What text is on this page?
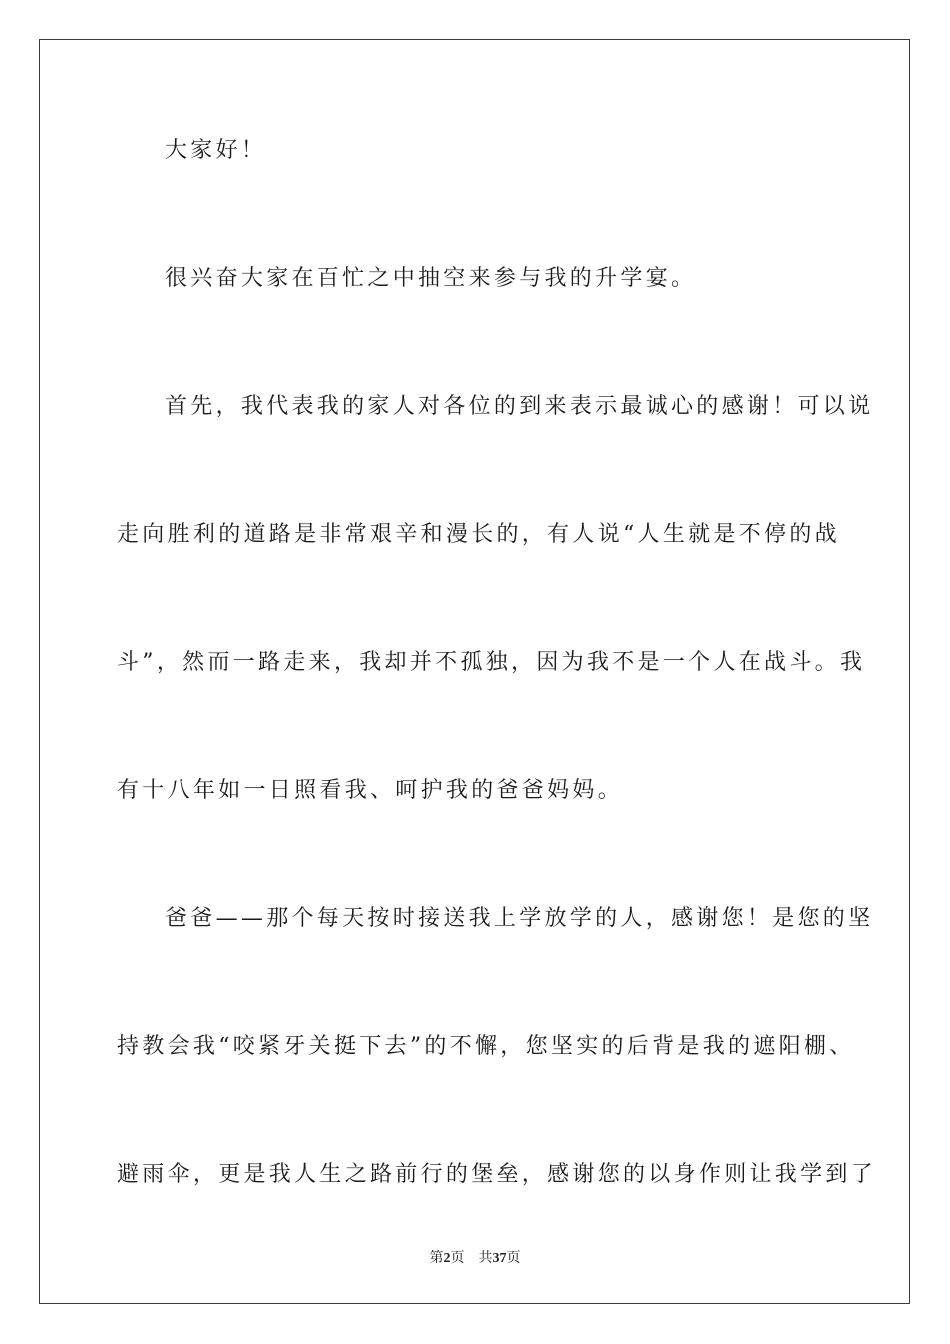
大家好！
很兴奋大家在百忙之中抽空来参与我的升学宴。
首先，我代表我的家人对各位的到来表示最诚心的感谢！可以说
走向胜利的道路是非常艰辛和漫长的，有人说“人生就是不停的战
斗”，然而一路走来，我却并不孤独，因为我不是一个人在战斗。我
有十八年如一日照看我、呵护我的爸爸妈妈。
爸爸——那个每天按时接送我上学放学的人，感谢您！是您的坚
持教会我“咬紧牙关挺下去”的不懈，您坚实的后背是我的遮阳棚、
避雨伞，更是我人生之路前行的堡垒，感谢您的以身作则让我学到了
第2页 共37页
